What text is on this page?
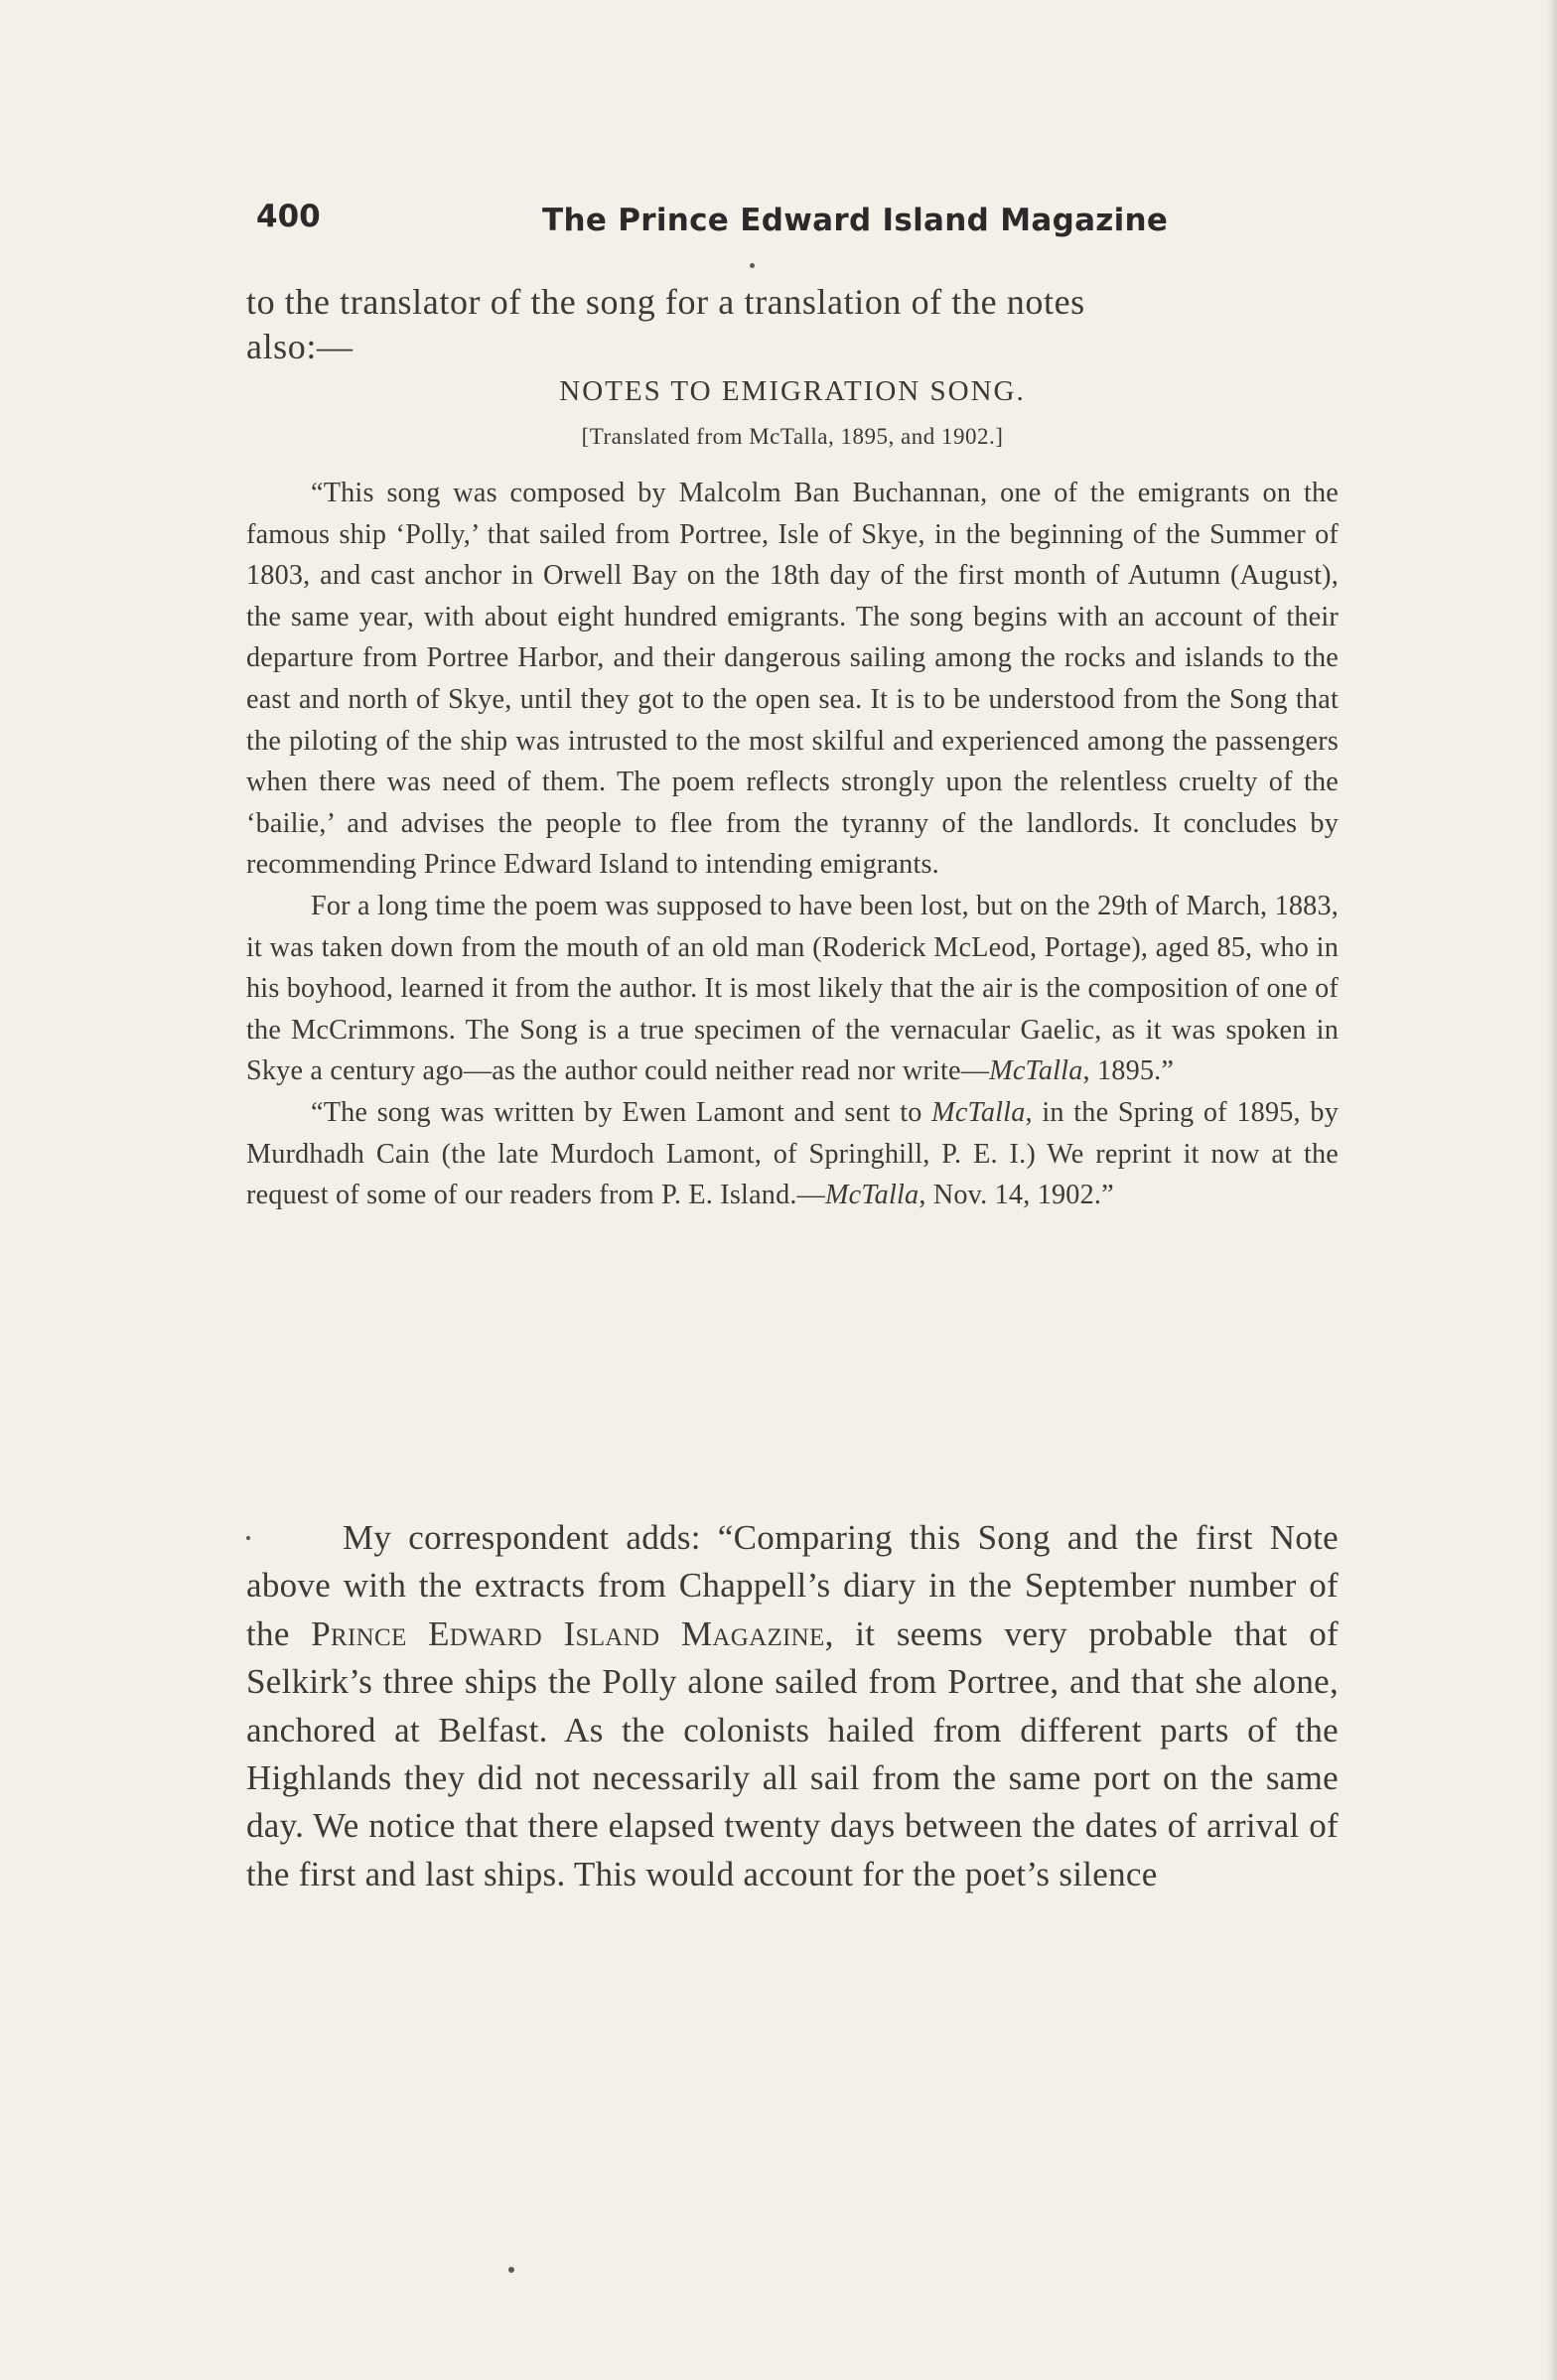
400	The Prince Edward Island Magazine
to the translator of the song for a translation of the notes
also:—
NOTES TO EMIGRATION SONG.
[Translated from McTalla, 1895, and 1902.]

“This song was composed by Malcolm Ban Buchannan, one of the emigrants on the famous ship ‘Polly,’ that sailed from Portree, Isle of Skye, in the beginning of the Summer of 1803, and cast anchor in Orwell Bay on the 18th day of the first month of Autumn (August), the same year, with about eight hundred emigrants. The song begins with an account of their departure from Portree Harbor, and their dangerous sailing among the rocks and islands to the east and north of Skye, until they got to the open sea. It is to be understood from the Song that the piloting of the ship was intrusted to the most skilful and experienced among the passengers when there was need of them. The poem reflects strongly upon the relentless cruelty of the ‘bailie,’ and advises the people to flee from the tyranny of the landlords. It concludes by recommending Prince Edward Island to intending emigrants.

For a long time the poem was supposed to have been lost, but on the 29th of March, 1883, it was taken down from the mouth of an old man (Roderick McLeod, Portage), aged 85, who in his boyhood, learned it from the author. It is most likely that the air is the composition of one of the McCrimmons. The Song is a true specimen of the vernacular Gaelic, as it was spoken in Skye a century ago—as the author could neither read nor write—McTalla, 1895.”

“The song was written by Ewen Lamont and sent to McTalla, in the Spring of 1895, by Murdhadh Cain (the late Murdoch Lamont, of Springhill, P. E. I.) We reprint it now at the request of some of our readers from P. E. Island.—McTalla, Nov. 14, 1902.”

My correspondent adds: “Comparing this Song and the first Note above with the extracts from Chappell’s diary in the September number of the Prince Edward Island Magazine, it seems very probable that of Selkirk’s three ships the Polly alone sailed from Portree, and that she alone, anchored at Belfast. As the colonists hailed from different parts of the Highlands they did not necessarily all sail from the same port on the same day. We notice that there elapsed twenty days between the dates of arrival of the first and last ships. This would account for the poet’s silence
